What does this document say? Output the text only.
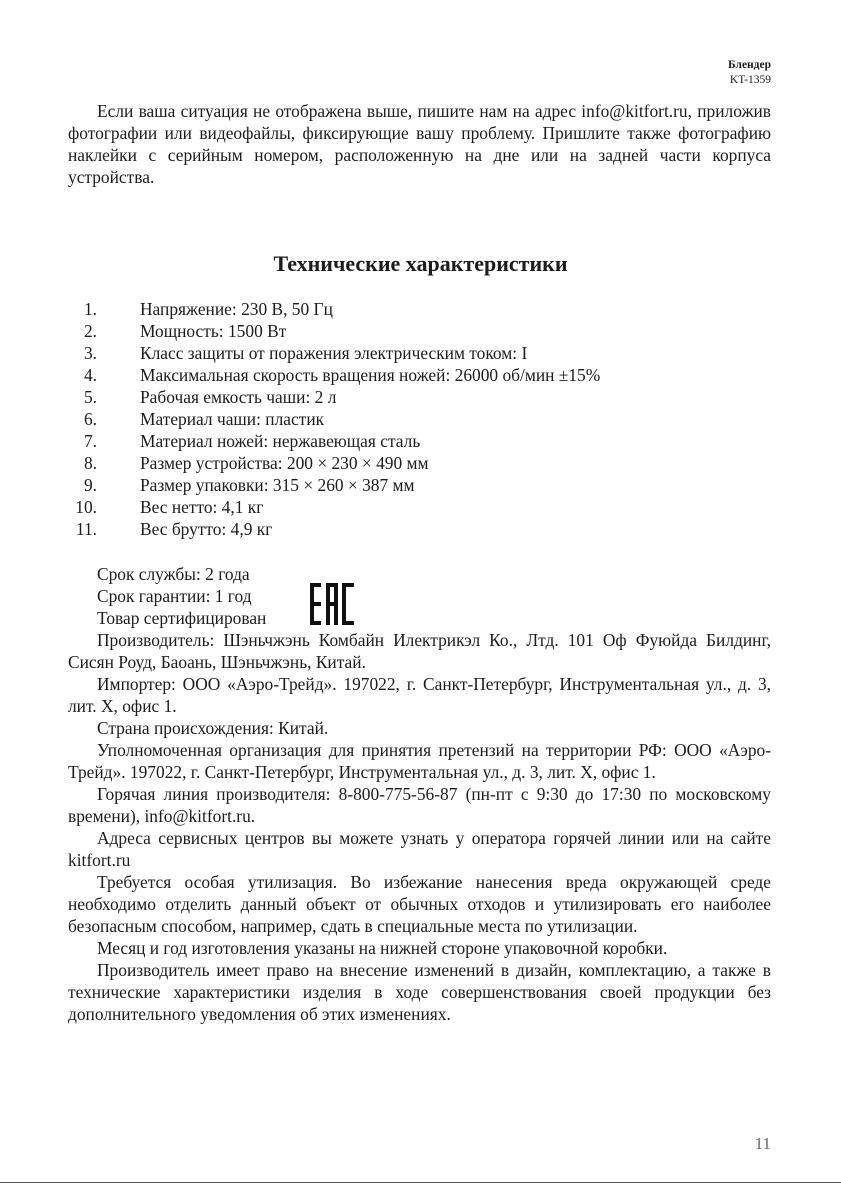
Блендер
KT-1359

Если ваша ситуация не отображена выше, пишите нам на адрес info@kitfort.ru, приложив фотографии или видеофайлы, фиксирующие вашу проблему. Пришлите также фотографию наклейки с серийным номером, расположенную на дне или на задней части корпуса устройства.

Технические характеристики
1. Напряжение: 230 В, 50 Гц
2. Мощность: 1500 Вт
3. Класс защиты от поражения электрическим током: I
4. Максимальная скорость вращения ножей: 26000 об/мин ±15%
5. Рабочая емкость чаши: 2 л
6. Материал чаши: пластик
7. Материал ножей: нержавеющая сталь
8. Размер устройства: 200 × 230 × 490 мм
9. Размер упаковки: 315 × 260 × 387 мм
10. Вес нетто: 4,1 кг
11. Вес брутто: 4,9 кг

Срок службы: 2 года

Срок гарантии: 1 год

Товар сертифицирован

Производитель: Шэньчжэнь Комбайн Илектрикэл Ко., Лтд. 101 Оф Фуюйда Билдинг, Сисян Роуд, Баоань, Шэньчжэнь, Китай.

Импортер: ООО «Аэро-Трейд». 197022, г. Санкт-Петербург, Инструментальная ул., д. 3, лит. Х, офис 1.

Страна происхождения: Китай.

Уполномоченная организация для принятия претензий на территории РФ: ООО «Аэро-Трейд». 197022, г. Санкт-Петербург, Инструментальная ул., д. 3, лит. Х, офис 1.

Горячая линия производителя: 8-800-775-56-87 (пн-пт с 9:30 до 17:30 по московскому времени), info@kitfort.ru.

Адреса сервисных центров вы можете узнать у оператора горячей линии или на сайте kitfort.ru

Требуется особая утилизация. Во избежание нанесения вреда окружающей среде необходимо отделить данный объект от обычных отходов и утилизировать его наиболее безопасным способом, например, сдать в специальные места по утилизации.

Месяц и год изготовления указаны на нижней стороне упаковочной коробки.

Производитель имеет право на внесение изменений в дизайн, комплектацию, а также в технические характеристики изделия в ходе совершенствования своей продукции без дополнительного уведомления об этих изменениях.

11
